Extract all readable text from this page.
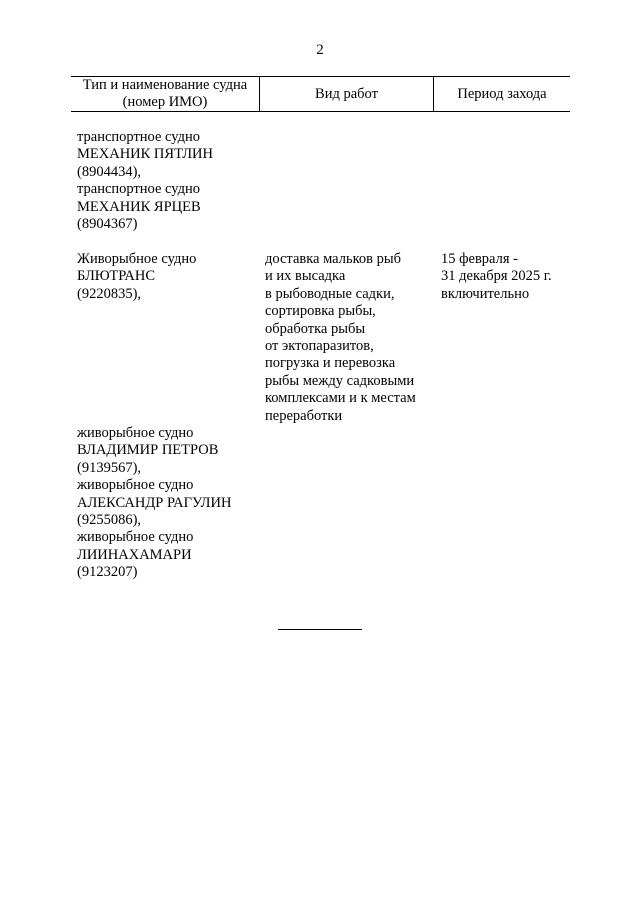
2
Тип и наименование судна
(номер ИМО)
Вид работ	Период захода
транспортное судно
МЕХАНИК ПЯТЛИН
(8904434),
транспортное судно
МЕХАНИК ЯРЦЕВ
(8904367)
Живорыбное судно
БЛЮТРАНС
(9220835),
доставка мальков рыб
и их высадка
в рыбоводные садки,
сортировка рыбы,
обработка рыбы
от эктопаразитов,
погрузка и перевозка
рыбы между садковыми
комплексами и к местам
переработки
15 февраля -
31 декабря 2025 г.
включительно
живорыбное судно
ВЛАДИМИР ПЕТРОВ
(9139567),
живорыбное судно
АЛЕКСАНДР РАГУЛИН
(9255086),
живорыбное судно
ЛИИНАХАМАРИ
(9123207)
